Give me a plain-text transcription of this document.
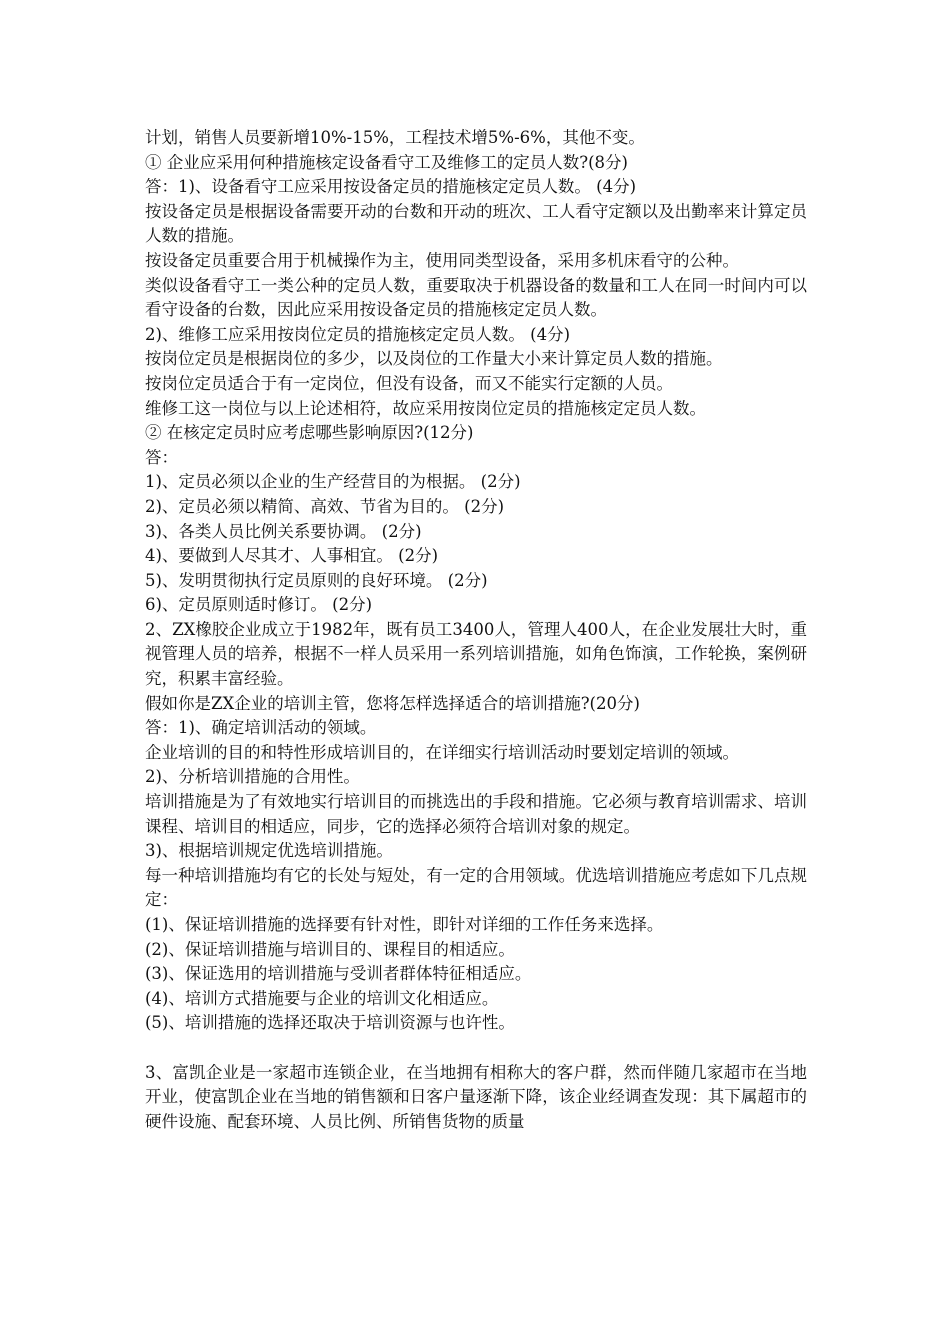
计划，销售人员要新增10%-15%，工程技术增5%-6%，其他不变。
① 企业应采用何种措施核定设备看守工及维修工的定员人数?(8分)
答：1)、设备看守工应采用按设备定员的措施核定定员人数。 (4分)
按设备定员是根据设备需要开动的台数和开动的班次、工人看守定额以及出勤率来计算定员人数的措施。
按设备定员重要合用于机械操作为主，使用同类型设备，采用多机床看守的公种。
类似设备看守工一类公种的定员人数，重要取决于机器设备的数量和工人在同一时间内可以看守设备的台数，因此应采用按设备定员的措施核定定员人数。
2)、维修工应采用按岗位定员的措施核定定员人数。 (4分)
按岗位定员是根据岗位的多少，以及岗位的工作量大小来计算定员人数的措施。
按岗位定员适合于有一定岗位，但没有设备，而又不能实行定额的人员。
维修工这一岗位与以上论述相符，故应采用按岗位定员的措施核定定员人数。
② 在核定定员时应考虑哪些影响原因?(12分)
答：
1)、定员必须以企业的生产经营目的为根据。 (2分)
2)、定员必须以精简、高效、节省为目的。 (2分)
3)、各类人员比例关系要协调。 (2分)
4)、要做到人尽其才、人事相宜。 (2分)
5)、发明贯彻执行定员原则的良好环境。 (2分)
6)、定员原则适时修订。 (2分)
2、ZX橡胶企业成立于1982年，既有员工3400人，管理人400人，在企业发展壮大时，重视管理人员的培养，根据不一样人员采用一系列培训措施，如角色饰演，工作轮换，案例研究，积累丰富经验。
假如你是ZX企业的培训主管，您将怎样选择适合的培训措施?(20分)
答：1)、确定培训活动的领域。
企业培训的目的和特性形成培训目的，在详细实行培训活动时要划定培训的领域。
2)、分析培训措施的合用性。
培训措施是为了有效地实行培训目的而挑选出的手段和措施。它必须与教育培训需求、培训课程、培训目的相适应，同步，它的选择必须符合培训对象的规定。
3)、根据培训规定优选培训措施。
每一种培训措施均有它的长处与短处，有一定的合用领域。优选培训措施应考虑如下几点规定：
(1)、保证培训措施的选择要有针对性，即针对详细的工作任务来选择。
(2)、保证培训措施与培训目的、课程目的相适应。
(3)、保证选用的培训措施与受训者群体特征相适应。
(4)、培训方式措施要与企业的培训文化相适应。
(5)、培训措施的选择还取决于培训资源与也许性。
3、富凯企业是一家超市连锁企业，在当地拥有相称大的客户群，然而伴随几家超市在当地开业，使富凯企业在当地的销售额和日客户量逐渐下降，该企业经调查发现：其下属超市的硬件设施、配套环境、人员比例、所销售货物的质量
